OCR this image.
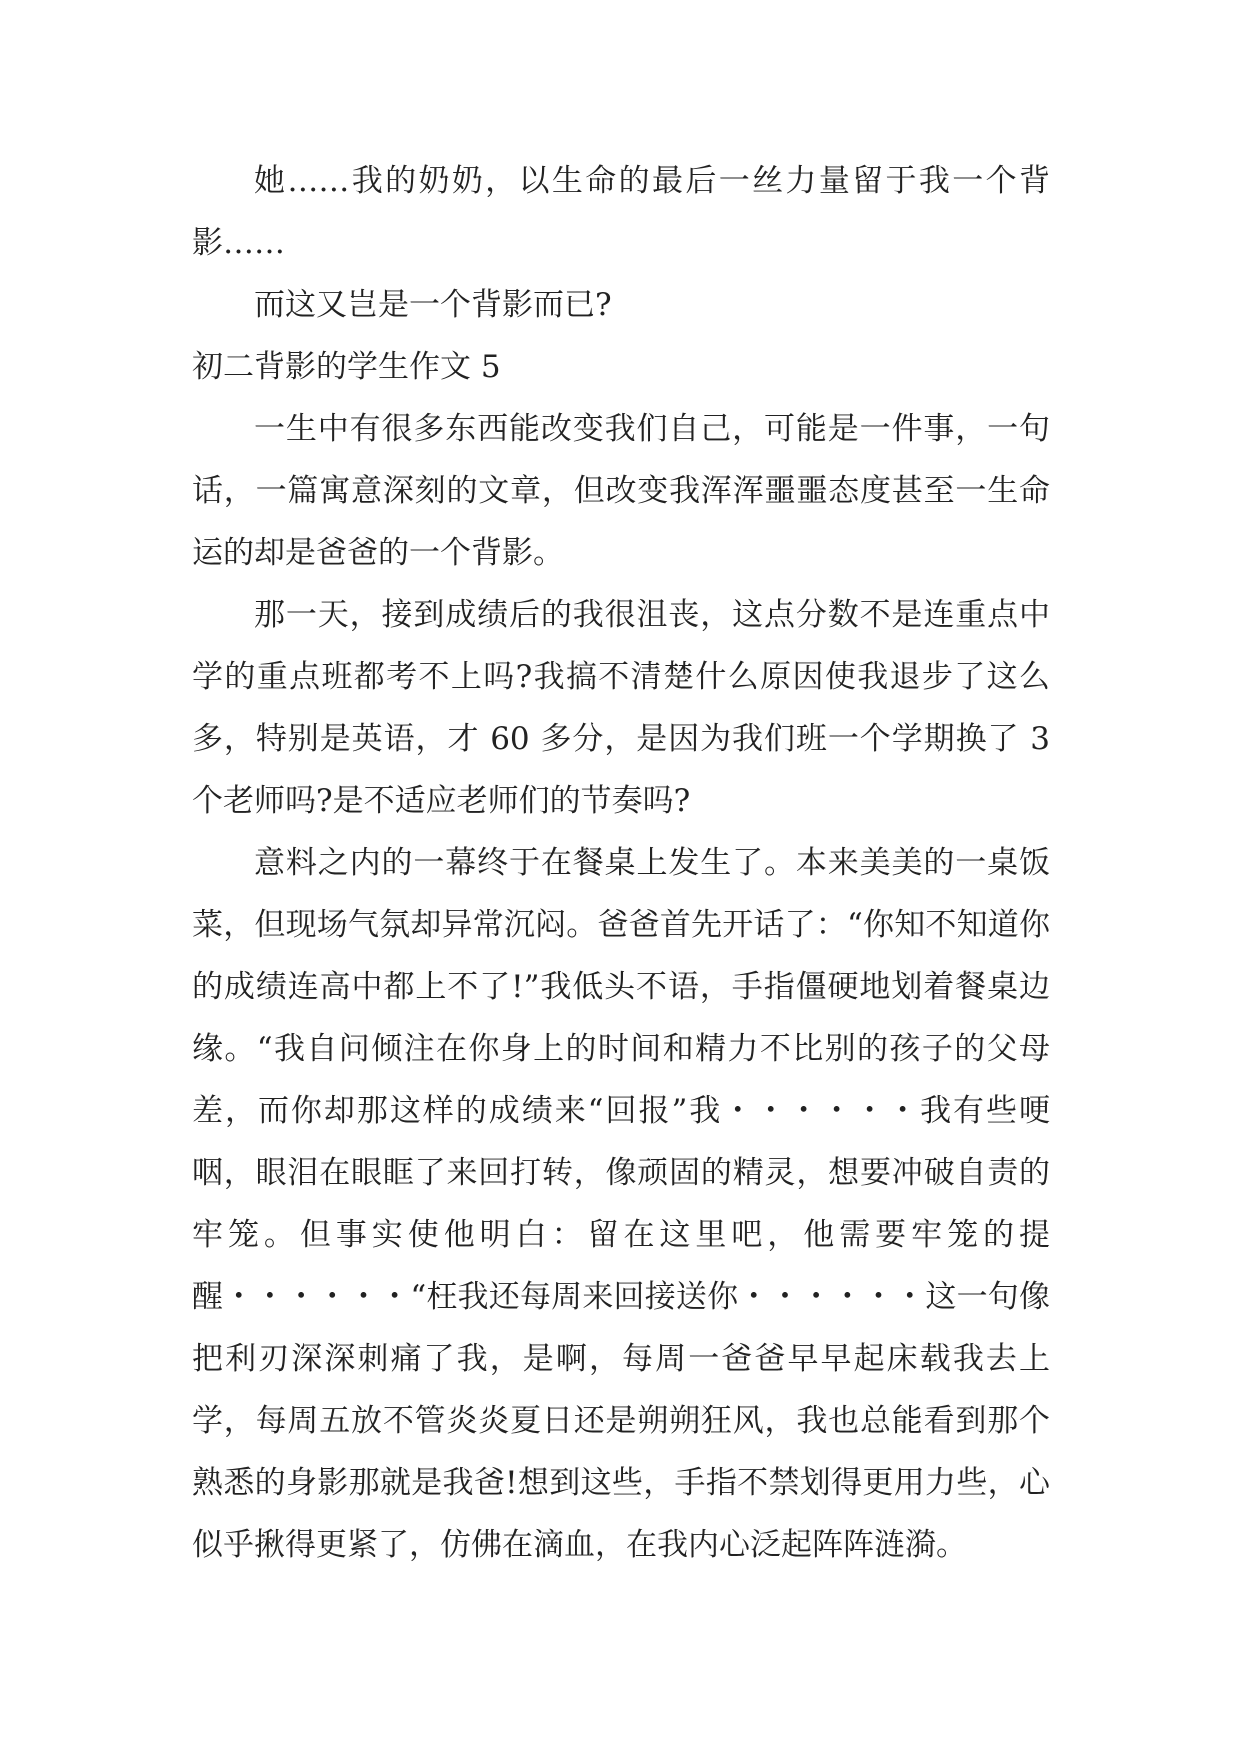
她……我的奶奶，以生命的最后一丝力量留于我一个背影……

而这又岂是一个背影而已?

初二背影的学生作文 5

一生中有很多东西能改变我们自己，可能是一件事，一句话，一篇寓意深刻的文章，但改变我浑浑噩噩态度甚至一生命运的却是爸爸的一个背影。

那一天，接到成绩后的我很沮丧，这点分数不是连重点中学的重点班都考不上吗?我搞不清楚什么原因使我退步了这么多，特别是英语，才 60 多分，是因为我们班一个学期换了 3 个老师吗?是不适应老师们的节奏吗?

意料之内的一幕终于在餐桌上发生了。本来美美的一桌饭菜，但现场气氛却异常沉闷。爸爸首先开话了：“你知不知道你的成绩连高中都上不了!”我低头不语，手指僵硬地划着餐桌边缘。“我自问倾注在你身上的时间和精力不比别的孩子的父母差，而你却那这样的成绩来“回报”我・・・・・・我有些哽咽，眼泪在眼眶了来回打转，像顽固的精灵，想要冲破自责的牢笼。但事实使他明白：留在这里吧，他需要牢笼的提醒・・・・・・“枉我还每周来回接送你・・・・・・这一句像把利刃深深刺痛了我，是啊，每周一爸爸早早起床载我去上学，每周五放不管炎炎夏日还是朔朔狂风，我也总能看到那个熟悉的身影那就是我爸!想到这些，手指不禁划得更用力些，心似乎揪得更紧了，仿佛在滴血，在我内心泛起阵阵涟漪。
